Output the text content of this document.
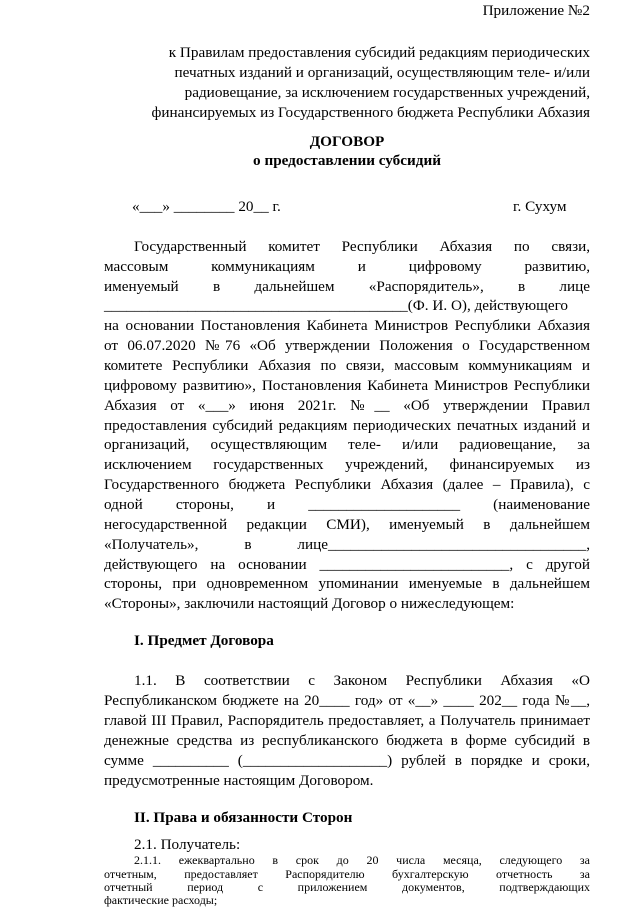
Приложение №2
к Правилам предоставления субсидий редакциям периодических
печатных изданий и организаций, осуществляющим теле- и/или
радиовещание, за исключением государственных учреждений,
финансируемых из Государственного бюджета Республики Абхазия
ДОГОВОР
о предоставлении субсидий
«___» ________ 20__ г.	г. Сухум
Государственный комитет Республики Абхазия по связи,
массовым коммуникациям и цифровому развитию,
именуемый в дальнейшем «Распорядитель», в лице
________________________________________(Ф. И. О), действующего
на основании Постановления Кабинета Министров Республики Абхазия
от 06.07.2020 №76 «Об утверждении Положения о Государственном
комитете Республики Абхазия по связи, массовым коммуникациям и
цифровому развитию», Постановления Кабинета Министров Республики
Абхазия от «___» июня 2021г. №__ «Об утверждении Правил
предоставления субсидий редакциям периодических печатных изданий и
организаций, осуществляющим теле- и/или радиовещание, за
исключением государственных учреждений, финансируемых из
Государственного бюджета Республики Абхазия (далее – Правила), с
одной стороны, и ____________________ (наименование
негосударственной редакции СМИ), именуемый в дальнейшем
«Получатель», в лице__________________________________,
действующего на основании _________________________, с другой
стороны, при одновременном упоминании именуемые в дальнейшем
«Стороны», заключили настоящий Договор о нижеследующем:
I. Предмет Договора
1.1. В соответствии с Законом Республики Абхазия «О
Республиканском бюджете на 20____ год» от «__» ____ 202__ года №__,
главой III Правил, Распорядитель предоставляет, а Получатель принимает
денежные средства из республиканского бюджета в форме субсидий в
сумме __________ (___________________) рублей в порядке и сроки,
предусмотренные настоящим Договором.
II. Права и обязанности Сторон
2.1. Получатель:
2.1.1. ежеквартально в срок до 20 числа месяца, следующего за
отчетным, предоставляет Распорядителю бухгалтерскую отчетность за
отчетный период с приложением документов, подтверждающих
фактические расходы;
